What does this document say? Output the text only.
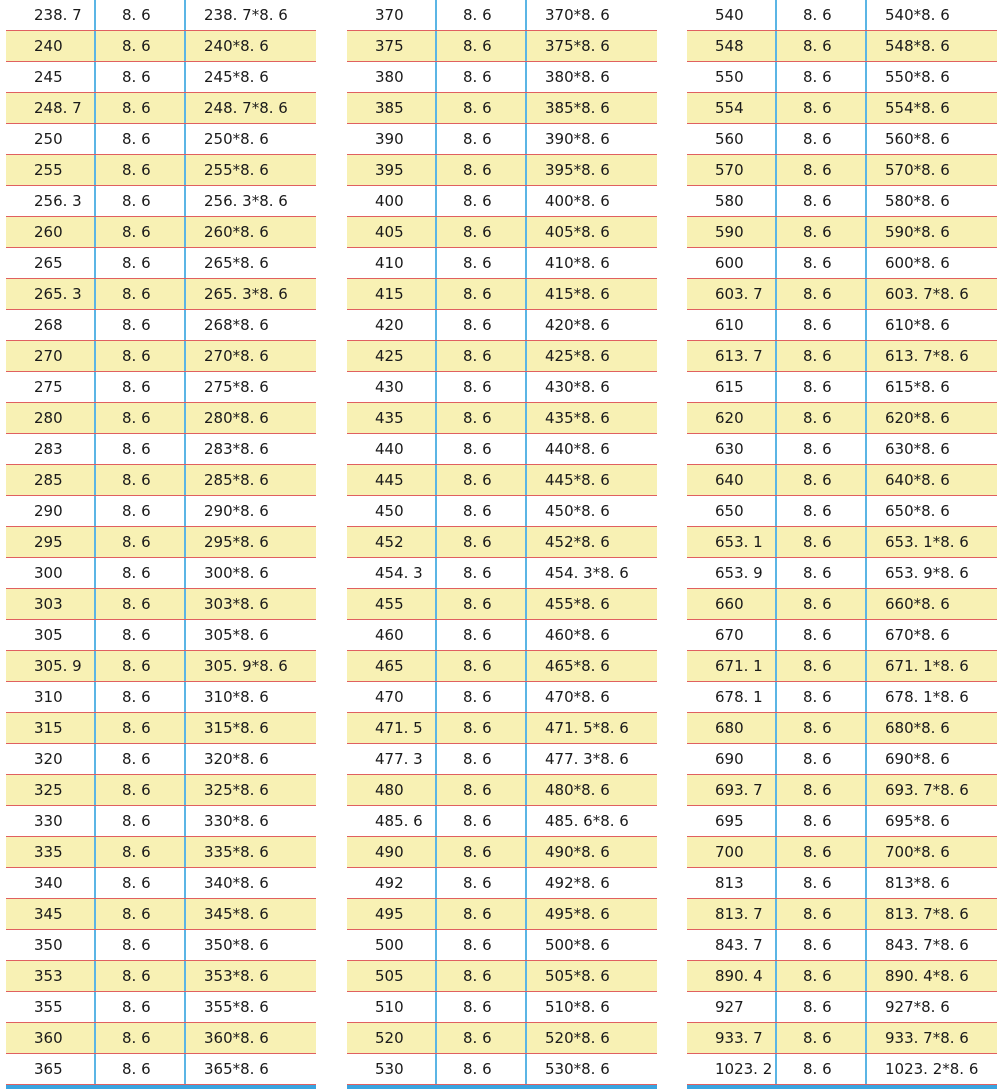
238. 7	8. 6	238. 7*8. 6
240	8. 6	240*8. 6
245	8. 6	245*8. 6
248. 7	8. 6	248. 7*8. 6
250	8. 6	250*8. 6
255	8. 6	255*8. 6
256. 3	8. 6	256. 3*8. 6
260	8. 6	260*8. 6
265	8. 6	265*8. 6
265. 3	8. 6	265. 3*8. 6
268	8. 6	268*8. 6
270	8. 6	270*8. 6
275	8. 6	275*8. 6
280	8. 6	280*8. 6
283	8. 6	283*8. 6
285	8. 6	285*8. 6
290	8. 6	290*8. 6
295	8. 6	295*8. 6
300	8. 6	300*8. 6
303	8. 6	303*8. 6
305	8. 6	305*8. 6
305. 9	8. 6	305. 9*8. 6
310	8. 6	310*8. 6
315	8. 6	315*8. 6
320	8. 6	320*8. 6
325	8. 6	325*8. 6
330	8. 6	330*8. 6
335	8. 6	335*8. 6
340	8. 6	340*8. 6
345	8. 6	345*8. 6
350	8. 6	350*8. 6
353	8. 6	353*8. 6
355	8. 6	355*8. 6
360	8. 6	360*8. 6
365	8. 6	365*8. 6
370	8. 6	370*8. 6
375	8. 6	375*8. 6
380	8. 6	380*8. 6
385	8. 6	385*8. 6
390	8. 6	390*8. 6
395	8. 6	395*8. 6
400	8. 6	400*8. 6
405	8. 6	405*8. 6
410	8. 6	410*8. 6
415	8. 6	415*8. 6
420	8. 6	420*8. 6
425	8. 6	425*8. 6
430	8. 6	430*8. 6
435	8. 6	435*8. 6
440	8. 6	440*8. 6
445	8. 6	445*8. 6
450	8. 6	450*8. 6
452	8. 6	452*8. 6
454. 3	8. 6	454. 3*8. 6
455	8. 6	455*8. 6
460	8. 6	460*8. 6
465	8. 6	465*8. 6
470	8. 6	470*8. 6
471. 5	8. 6	471. 5*8. 6
477. 3	8. 6	477. 3*8. 6
480	8. 6	480*8. 6
485. 6	8. 6	485. 6*8. 6
490	8. 6	490*8. 6
492	8. 6	492*8. 6
495	8. 6	495*8. 6
500	8. 6	500*8. 6
505	8. 6	505*8. 6
510	8. 6	510*8. 6
520	8. 6	520*8. 6
530	8. 6	530*8. 6
540	8. 6	540*8. 6
548	8. 6	548*8. 6
550	8. 6	550*8. 6
554	8. 6	554*8. 6
560	8. 6	560*8. 6
570	8. 6	570*8. 6
580	8. 6	580*8. 6
590	8. 6	590*8. 6
600	8. 6	600*8. 6
603. 7	8. 6	603. 7*8. 6
610	8. 6	610*8. 6
613. 7	8. 6	613. 7*8. 6
615	8. 6	615*8. 6
620	8. 6	620*8. 6
630	8. 6	630*8. 6
640	8. 6	640*8. 6
650	8. 6	650*8. 6
653. 1	8. 6	653. 1*8. 6
653. 9	8. 6	653. 9*8. 6
660	8. 6	660*8. 6
670	8. 6	670*8. 6
671. 1	8. 6	671. 1*8. 6
678. 1	8. 6	678. 1*8. 6
680	8. 6	680*8. 6
690	8. 6	690*8. 6
693. 7	8. 6	693. 7*8. 6
695	8. 6	695*8. 6
700	8. 6	700*8. 6
813	8. 6	813*8. 6
813. 7	8. 6	813. 7*8. 6
843. 7	8. 6	843. 7*8. 6
890. 4	8. 6	890. 4*8. 6
927	8. 6	927*8. 6
933. 7	8. 6	933. 7*8. 6
1023. 2	8. 6	1023. 2*8. 6
